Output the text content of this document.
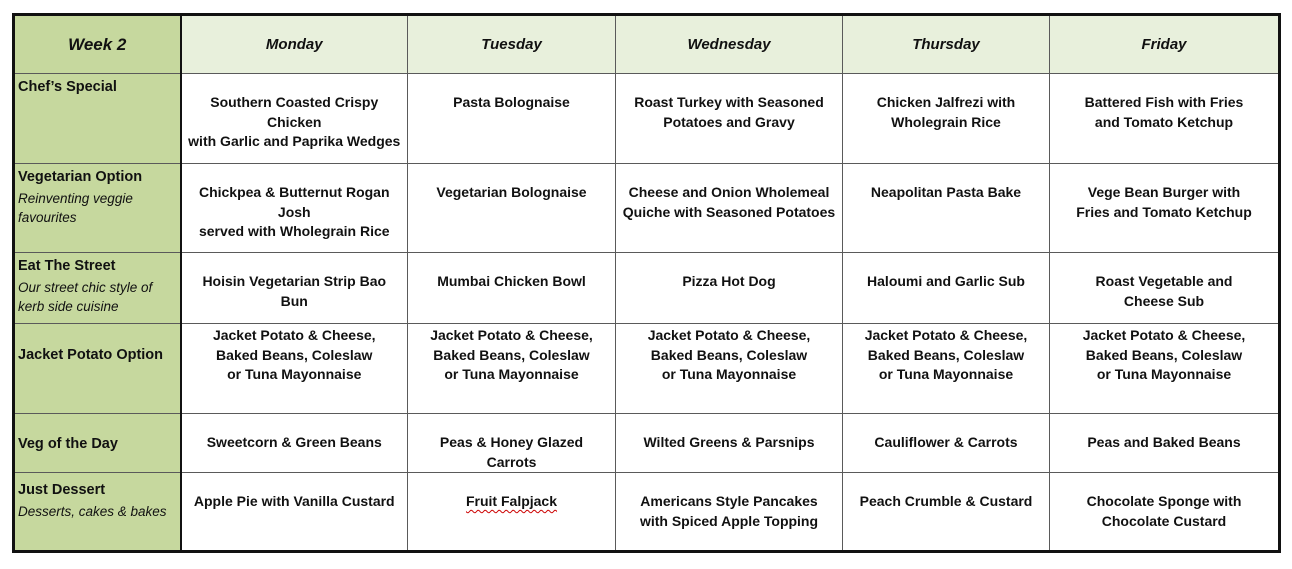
Week 2	Monday	Tuesday	Wednesday	Thursday	Friday

Chef’s Special	Southern Coasted Crispy Chicken
with Garlic and Paprika Wedges	Pasta Bolognaise	Roast Turkey with Seasoned
Potatoes and Gravy	Chicken Jalfrezi with
Wholegrain Rice	Battered Fish with Fries
and Tomato Ketchup

Vegetarian Option
Reinventing veggie favourites	Chickpea & Butternut Rogan Josh
served with Wholegrain Rice	Vegetarian Bolognaise	Cheese and Onion Wholemeal
Quiche with Seasoned Potatoes	Neapolitan Pasta Bake	Vege Bean Burger with
Fries and Tomato Ketchup

Eat The Street
Our street chic style of kerb side cuisine	Hoisin Vegetarian Strip Bao
Bun	Mumbai Chicken Bowl	Pizza Hot Dog	Haloumi and Garlic Sub	Roast Vegetable and
Cheese Sub

Jacket Potato Option	Jacket Potato & Cheese,
Baked Beans, Coleslaw
or Tuna Mayonnaise	Jacket Potato & Cheese,
Baked Beans, Coleslaw
or Tuna Mayonnaise	Jacket Potato & Cheese,
Baked Beans, Coleslaw
or Tuna Mayonnaise	Jacket Potato & Cheese,
Baked Beans, Coleslaw
or Tuna Mayonnaise	Jacket Potato & Cheese,
Baked Beans, Coleslaw
or Tuna Mayonnaise

Veg of the Day	Sweetcorn & Green Beans	Peas & Honey Glazed
Carrots	Wilted Greens & Parsnips	Cauliflower & Carrots	Peas and Baked Beans

Just Dessert
Desserts, cakes & bakes	Apple Pie with Vanilla Custard	Fruit Falpjack	Americans Style Pancakes
with Spiced Apple Topping	Peach Crumble & Custard	Chocolate Sponge with
Chocolate Custard
